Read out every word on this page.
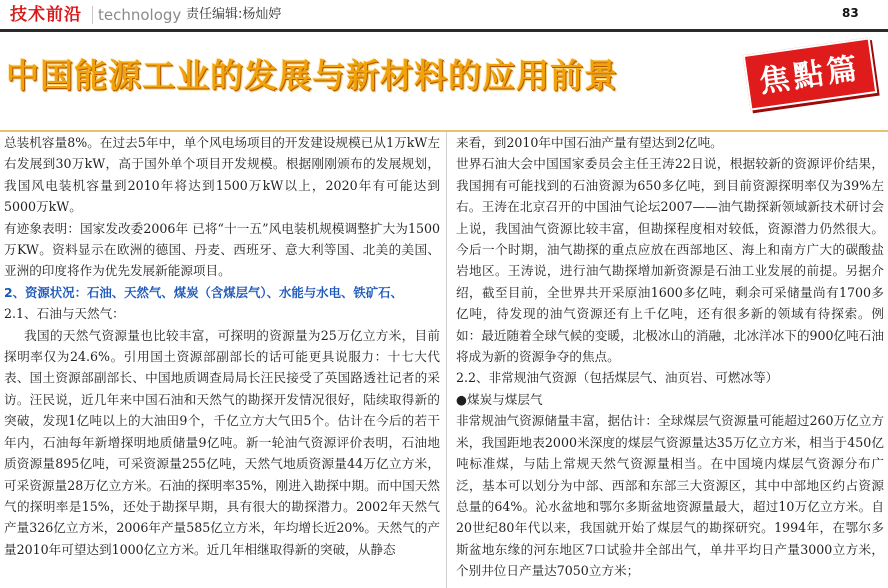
技术前沿 technology 责任编辑:杨灿婷	83
中国能源工业的发展与新材料的应用前景	焦點篇

总装机容量8%。在过去5年中，单个风电场项目的开发建设规模已从1万kW左右发展到30万kW，高于国外单个项目开发规模。根据刚刚颁布的发展规划，我国风电装机容量到2010年将达到1500万kW以上，2020年有可能达到5000万kW。

有迹象表明：国家发改委2006年 已将“十一五”风电装机规模调整扩大为1500万KW。资料显示在欧洲的德国、丹麦、西班牙、意大利等国、北美的美国、亚洲的印度将作为优先发展新能源项目。

2、资源状况：石油、天然气、煤炭（含煤层气）、水能与水电、铁矿石、

2.1、石油与天然气：

我国的天然气资源量也比较丰富，可探明的资源量为25万亿立方米，目前探明率仅为24.6%。引用国土资源部副部长的话可能更具说服力：十七大代表、国土资源部副部长、中国地质调查局局长汪民接受了英国路透社记者的采访。汪民说，近几年来中国石油和天然气的勘探开发情况很好，陆续取得新的突破，发现1亿吨以上的大油田9个，千亿立方大气田5个。估计在今后的若干年内，石油每年新增探明地质储量9亿吨。新一轮油气资源评价表明，石油地质资源量895亿吨，可采资源量255亿吨，天然气地质资源量44万亿立方米，可采资源量28万亿立方米。石油的探明率35%，刚进入勘探中期。而中国天然气的探明率是15%，还处于勘探早期，具有很大的勘探潜力。2002年天然气产量326亿立方米，2006年产量585亿立方米，年均增长近20%。天然气的产量2010年可望达到1000亿立方米。近几年相继取得新的突破，从静态

来看，到2010年中国石油产量有望达到2亿吨。

世界石油大会中国国家委员会主任王涛22日说，根据较新的资源评价结果，我国拥有可能找到的石油资源为650多亿吨，到目前资源探明率仅为39%左右。王涛在北京召开的中国油气论坛2007——油气勘探新领域新技术研讨会上说，我国油气资源比较丰富，但勘探程度相对较低，资源潜力仍然很大。今后一个时期，油气勘探的重点应放在西部地区、海上和南方广大的碳酸盐岩地区。王涛说，进行油气勘探增加新资源是石油工业发展的前提。另据介绍，截至目前，全世界共开采原油1600多亿吨，剩余可采储量尚有1700多亿吨，待发现的油气资源还有上千亿吨，还有很多新的领域有待探索。例如：最近随着全球气候的变暖，北极冰山的消融，北冰洋冰下的900亿吨石油将成为新的资源争夺的焦点。

2.2、非常规油气资源（包括煤层气、油页岩、可燃冰等）

●煤炭与煤层气

非常规油气资源储量丰富，据估计：全球煤层气资源量可能超过260万亿立方米，我国距地表2000米深度的煤层气资源量达35万亿立方米，相当于450亿吨标准煤，与陆上常规天然气资源量相当。在中国境内煤层气资源分布广泛，基本可以划分为中部、西部和东部三大资源区，其中中部地区约占资源总量的64%。沁水盆地和鄂尔多斯盆地资源量最大，超过10万亿立方米。自20世纪80年代以来，我国就开始了煤层气的勘探研究。1994年，在鄂尔多斯盆地东缘的河东地区7口试验井全部出气，单井平均日产量3000立方米，个别井位日产量达7050立方米；
